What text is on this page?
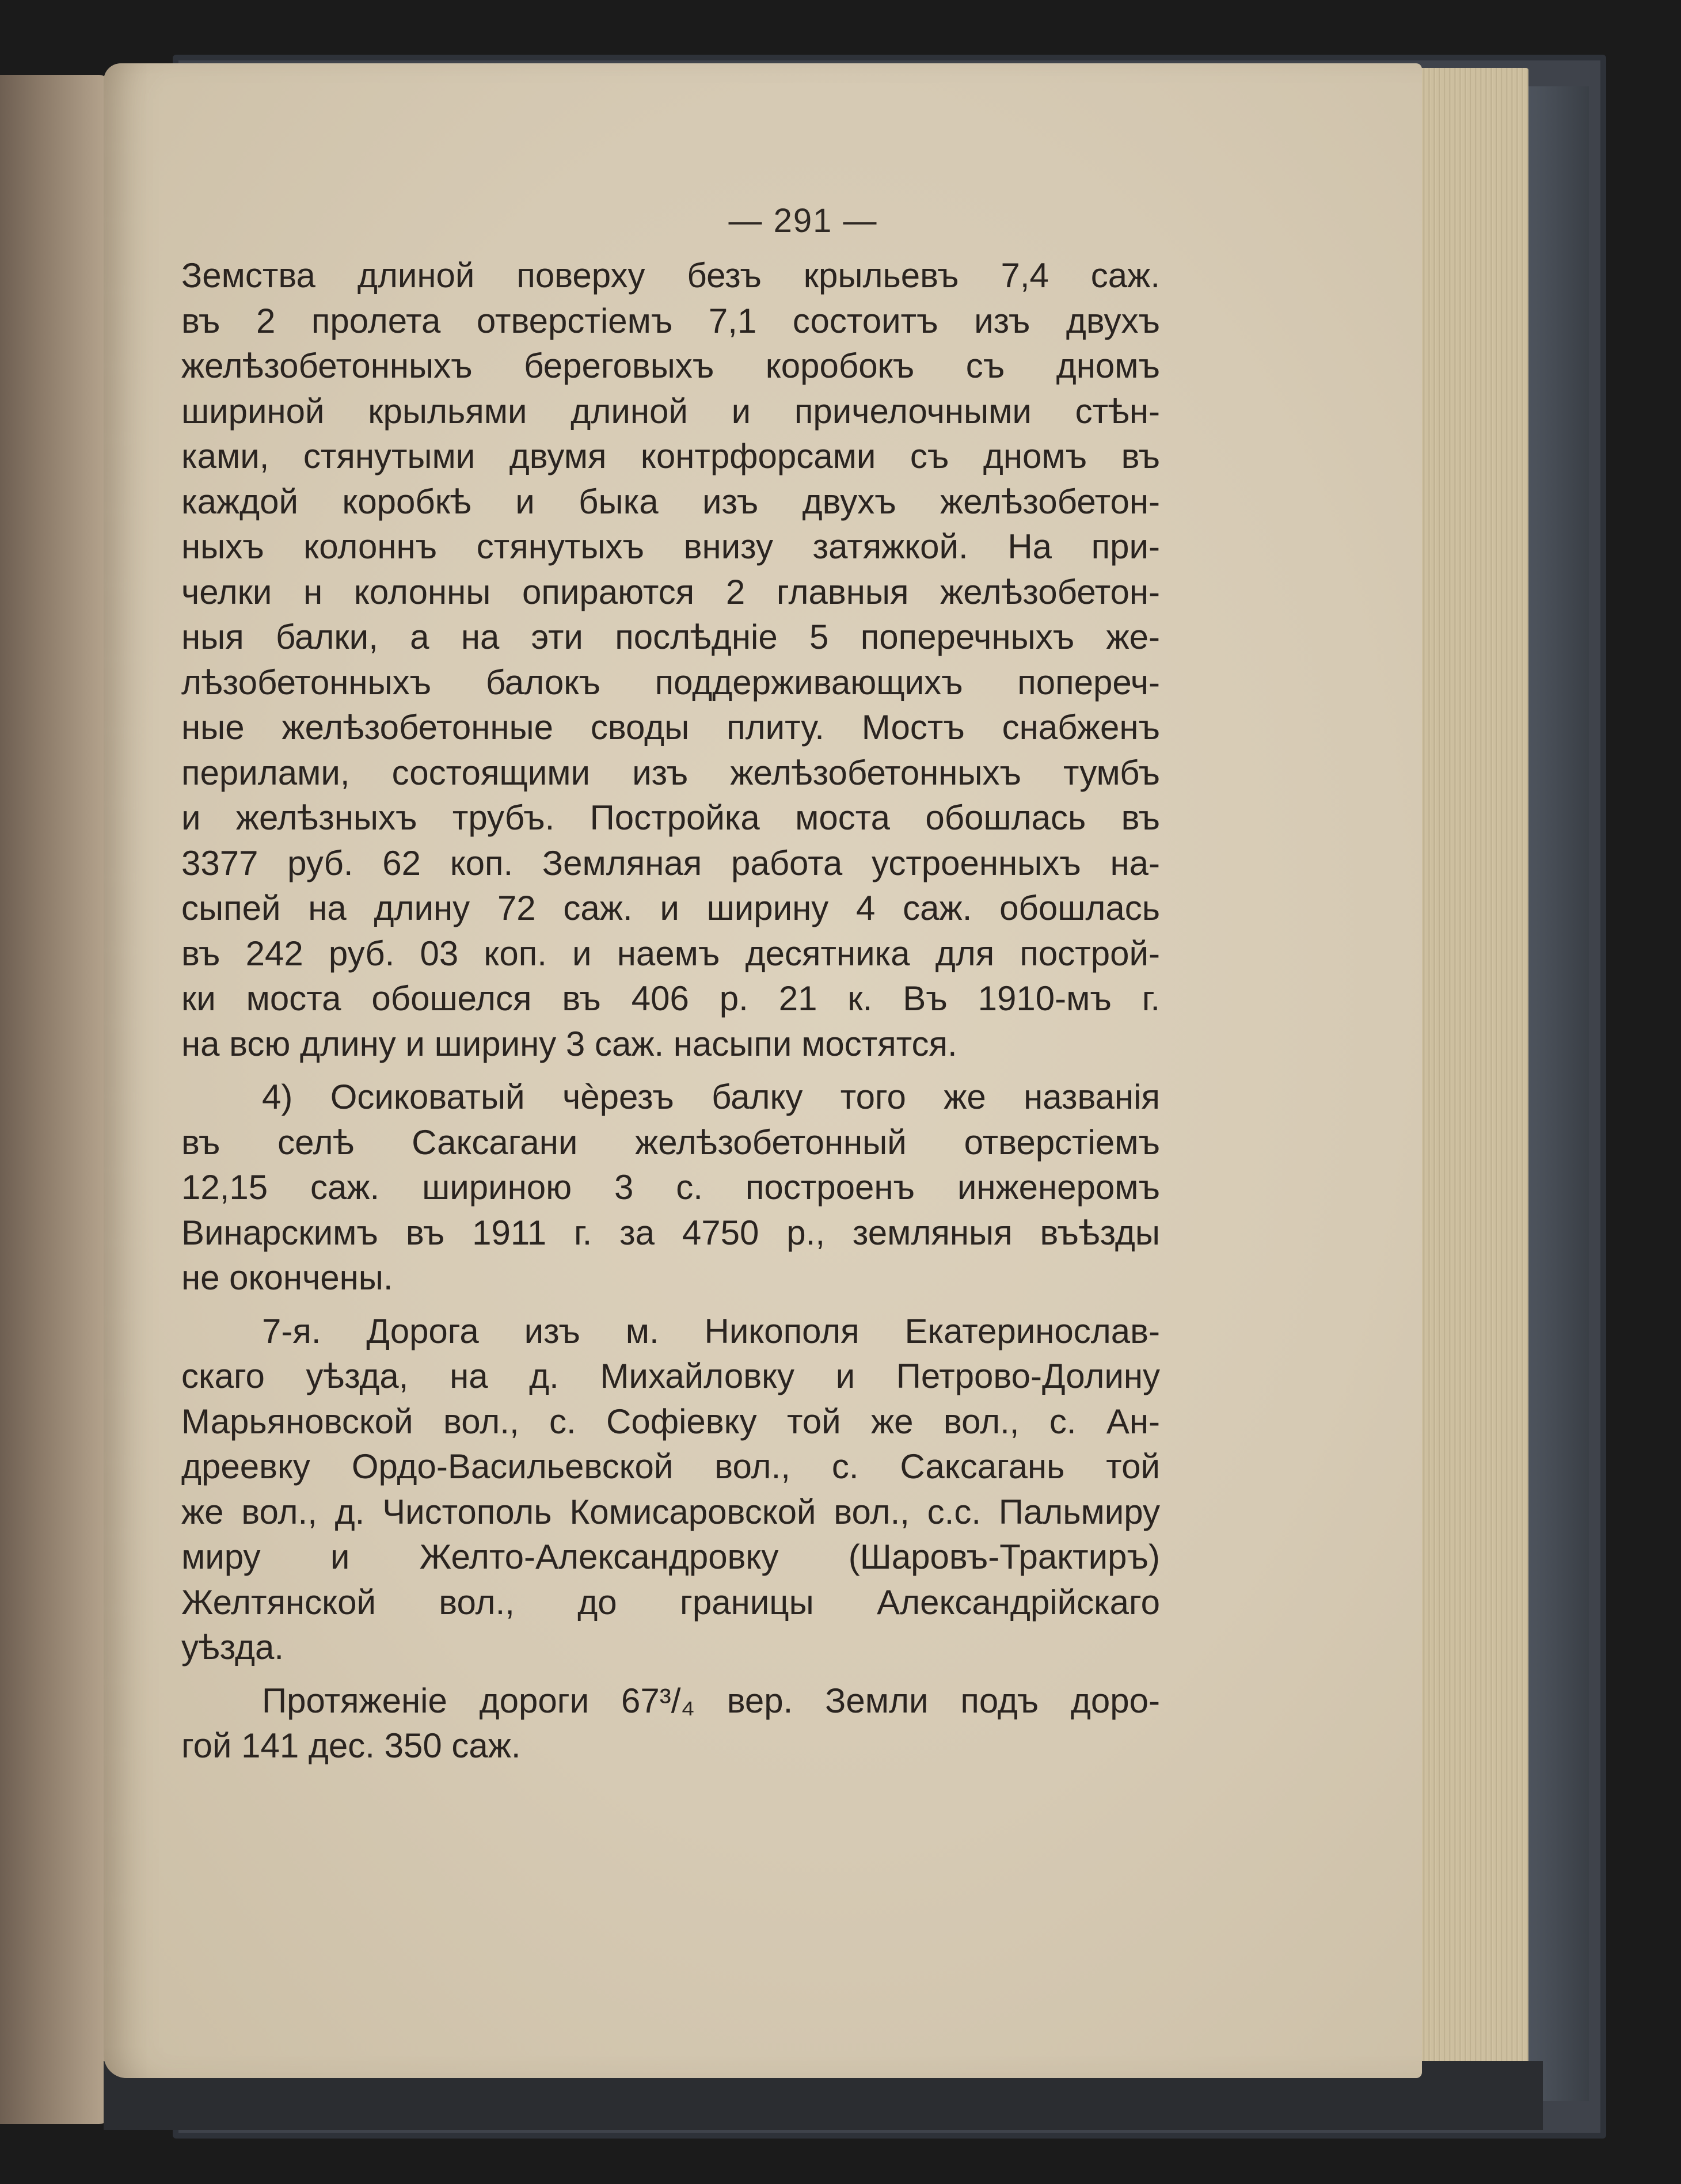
— 291 —
Земства длиной поверху безъ крыльевъ 7,4 саж.
въ 2 пролета отверстіемъ 7,1 состоитъ изъ двухъ
желѣзобетонныхъ береговыхъ коробокъ съ дномъ
шириной крыльями длиной и причелочными стѣн-
ками, стянутыми двумя контрфорсами съ дномъ въ
каждой коробкѣ и быка изъ двухъ желѣзобетон-
ныхъ колоннъ стянутыхъ внизу затяжкой. На при-
челки н колонны опираются 2 главныя желѣзобетон-
ныя балки, а на эти послѣдніе 5 поперечныхъ же-
лѣзобетонныхъ балокъ поддерживающихъ попереч-
ные желѣзобетонные своды плиту. Мостъ снабженъ
перилами, состоящими изъ желѣзобетонныхъ тумбъ
и желѣзныхъ трубъ. Постройка моста обошлась въ
3377 руб. 62 коп. Земляная работа устроенныхъ на-
сыпей на длину 72 саж. и ширину 4 саж. обошлась
въ 242 руб. 03 коп. и наемъ десятника для построй-
ки моста обошелся въ 406 р. 21 к. Въ 1910-мъ г.
на всю длину и ширину 3 саж. насыпи мостятся.
4) Осиковатый чѐрезъ балку того же названія
въ селѣ Саксагани желѣзобетонный отверстіемъ
12,15 саж. шириною 3 с. построенъ инженеромъ
Винарскимъ въ 1911 г. за 4750 р., земляныя въѣзды
не окончены.
7-я. Дорога изъ м. Никополя Екатеринослав-
скаго уѣзда, на д. Михайловку и Петрово-Долину
Марьяновской вол., с. Софіевку той же вол., с. Ан-
дреевку Ордо-Васильевской вол., с. Саксагань той
же вол., д. Чистополь Комисаровской вол., с.с. Пальмиру
миру и Желто-Александровку (Шаровъ-Трактиръ)
Желтянской вол., до границы Александрійскаго
уѣзда.
Протяженіе дороги 67³/₄ вер. Земли подъ доро-
гой 141 дес. 350 саж.
